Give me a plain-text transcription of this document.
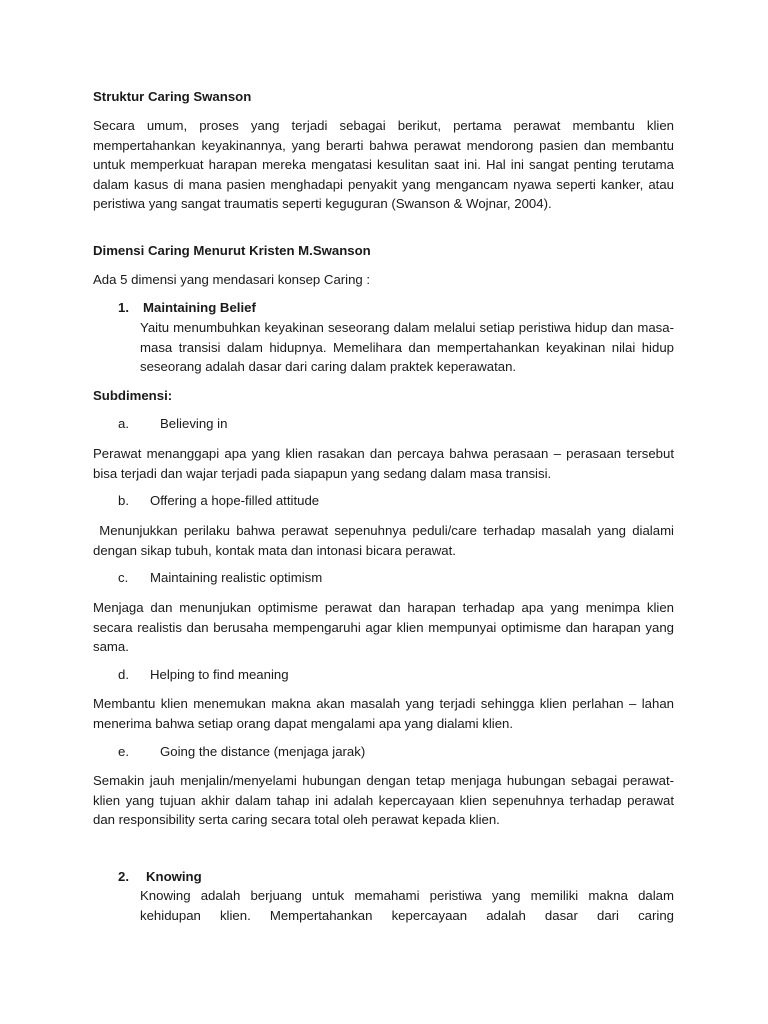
Struktur Caring Swanson

Secara umum, proses yang terjadi sebagai berikut, pertama perawat membantu klien mempertahankan keyakinannya, yang berarti bahwa perawat mendorong pasien dan membantu untuk memperkuat harapan mereka mengatasi kesulitan saat ini. Hal ini sangat penting terutama dalam kasus di mana pasien menghadapi penyakit yang mengancam nyawa seperti kanker, atau peristiwa yang sangat traumatis seperti keguguran (Swanson & Wojnar, 2004).

Dimensi Caring Menurut Kristen M.Swanson

Ada 5 dimensi yang mendasari konsep Caring :

1. Maintaining Belief

Yaitu menumbuhkan keyakinan seseorang dalam melalui setiap peristiwa hidup dan masa-masa transisi dalam hidupnya. Memelihara dan mempertahankan keyakinan nilai hidup seseorang adalah dasar dari caring dalam praktek keperawatan.

Subdimensi:

a. Believing in

Perawat menanggapi apa yang klien rasakan dan percaya bahwa perasaan – perasaan tersebut bisa terjadi dan wajar terjadi pada siapapun yang sedang dalam masa transisi.

b. Offering a hope-filled attitude

Menunjukkan perilaku bahwa perawat sepenuhnya peduli/care terhadap masalah yang dialami dengan sikap tubuh, kontak mata dan intonasi bicara perawat.

c. Maintaining realistic optimism

Menjaga dan menunjukan optimisme perawat dan harapan terhadap apa yang menimpa klien secara realistis dan berusaha mempengaruhi agar klien mempunyai optimisme dan harapan yang sama.

d. Helping to find meaning

Membantu klien menemukan makna akan masalah yang terjadi sehingga klien perlahan – lahan menerima bahwa setiap orang dapat mengalami apa yang dialami klien.

e. Going the distance (menjaga jarak)

Semakin jauh menjalin/menyelami hubungan dengan tetap menjaga hubungan sebagai perawat-klien yang tujuan akhir dalam tahap ini adalah kepercayaan klien sepenuhnya terhadap perawat dan responsibility serta caring secara total oleh perawat kepada klien.

2. Knowing

Knowing adalah berjuang untuk memahami peristiwa yang memiliki makna dalam kehidupan klien. Mempertahankan kepercayaan adalah dasar dari caring
